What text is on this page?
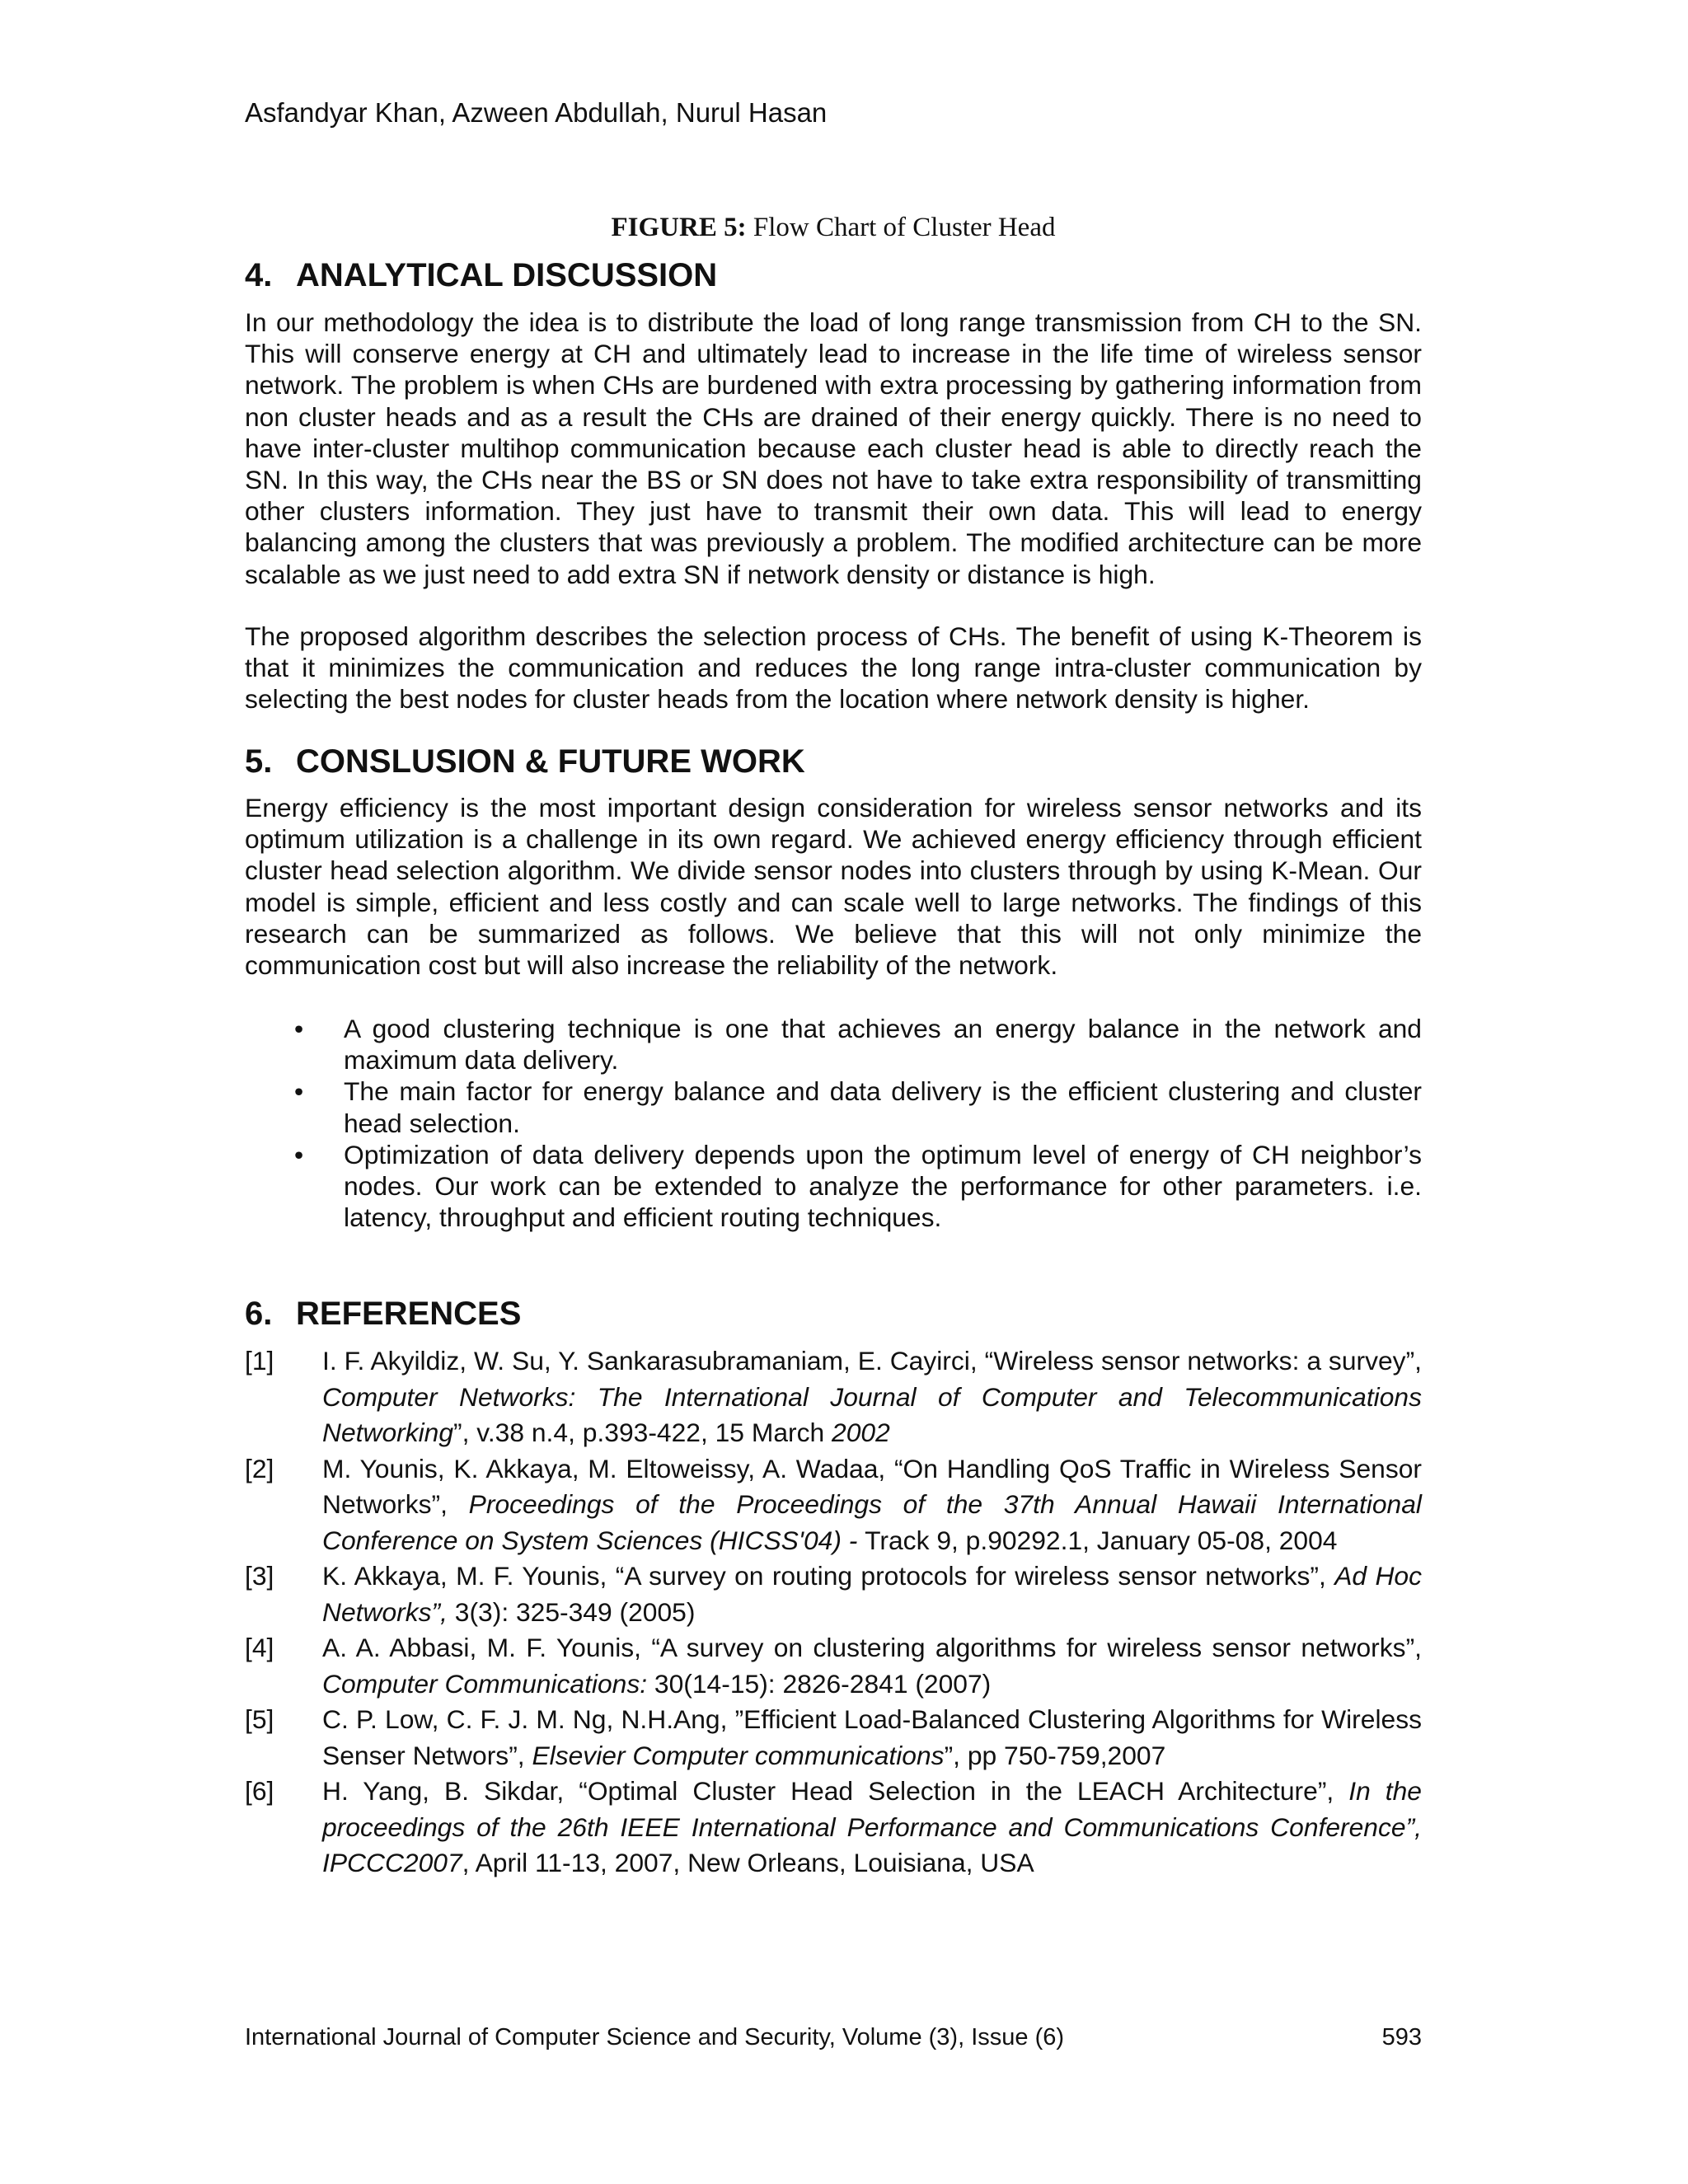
Asfandyar Khan, Azween Abdullah, Nurul Hasan
FIGURE 5: Flow Chart of Cluster Head
4. ANALYTICAL DISCUSSION

In our methodology the idea is to distribute the load of long range transmission from CH to the SN. This will conserve energy at CH and ultimately lead to increase in the life time of wireless sensor network. The problem is when CHs are burdened with extra processing by gathering information from non cluster heads and as a result the CHs are drained of their energy quickly. There is no need to have inter-cluster multihop communication because each cluster head is able to directly reach the SN. In this way, the CHs near the BS or SN does not have to take extra responsibility of transmitting other clusters information. They just have to transmit their own data. This will lead to energy balancing among the clusters that was previously a problem. The modified architecture can be more scalable as we just need to add extra SN if network density or distance is high.

The proposed algorithm describes the selection process of CHs. The benefit of using K-Theorem is that it minimizes the communication and reduces the long range intra-cluster communication by selecting the best nodes for cluster heads from the location where network density is higher.

5. CONSLUSION & FUTURE WORK

Energy efficiency is the most important design consideration for wireless sensor networks and its optimum utilization is a challenge in its own regard. We achieved energy efficiency through efficient cluster head selection algorithm. We divide sensor nodes into clusters through by using K-Mean. Our model is simple, efficient and less costly and can scale well to large networks. The findings of this research can be summarized as follows. We believe that this will not only minimize the communication cost but will also increase the reliability of the network.

• A good clustering technique is one that achieves an energy balance in the network and maximum data delivery.
• The main factor for energy balance and data delivery is the efficient clustering and cluster head selection.
• Optimization of data delivery depends upon the optimum level of energy of CH neighbor’s nodes. Our work can be extended to analyze the performance for other parameters. i.e. latency, throughput and efficient routing techniques.
6. REFERENCES
[1] I. F. Akyildiz, W. Su, Y. Sankarasubramaniam, E. Cayirci, “Wireless sensor networks: a survey”, Computer Networks: The International Journal of Computer and Telecommunications Networking”, v.38 n.4, p.393-422, 15 March 2002
[2] M. Younis, K. Akkaya, M. Eltoweissy, A. Wadaa, “On Handling QoS Traffic in Wireless Sensor Networks”, Proceedings of the Proceedings of the 37th Annual Hawaii International Conference on System Sciences (HICSS'04) - Track 9, p.90292.1, January 05-08, 2004
[3] K. Akkaya, M. F. Younis, “A survey on routing protocols for wireless sensor networks”, Ad Hoc Networks”, 3(3): 325-349 (2005)
[4] A. A. Abbasi, M. F. Younis, “A survey on clustering algorithms for wireless sensor networks”, Computer Communications: 30(14-15): 2826-2841 (2007)
[5] C. P. Low, C. F. J. M. Ng, N.H.Ang, ”Efficient Load-Balanced Clustering Algorithms for Wireless Senser Networs”, Elsevier Computer communications”, pp 750-759,2007
[6] H. Yang, B. Sikdar, “Optimal Cluster Head Selection in the LEACH Architecture”, In the proceedings of the 26th IEEE International Performance and Communications Conference”, IPCCC2007, April 11-13, 2007, New Orleans, Louisiana, USA
International Journal of Computer Science and Security, Volume (3), Issue (6)	593
